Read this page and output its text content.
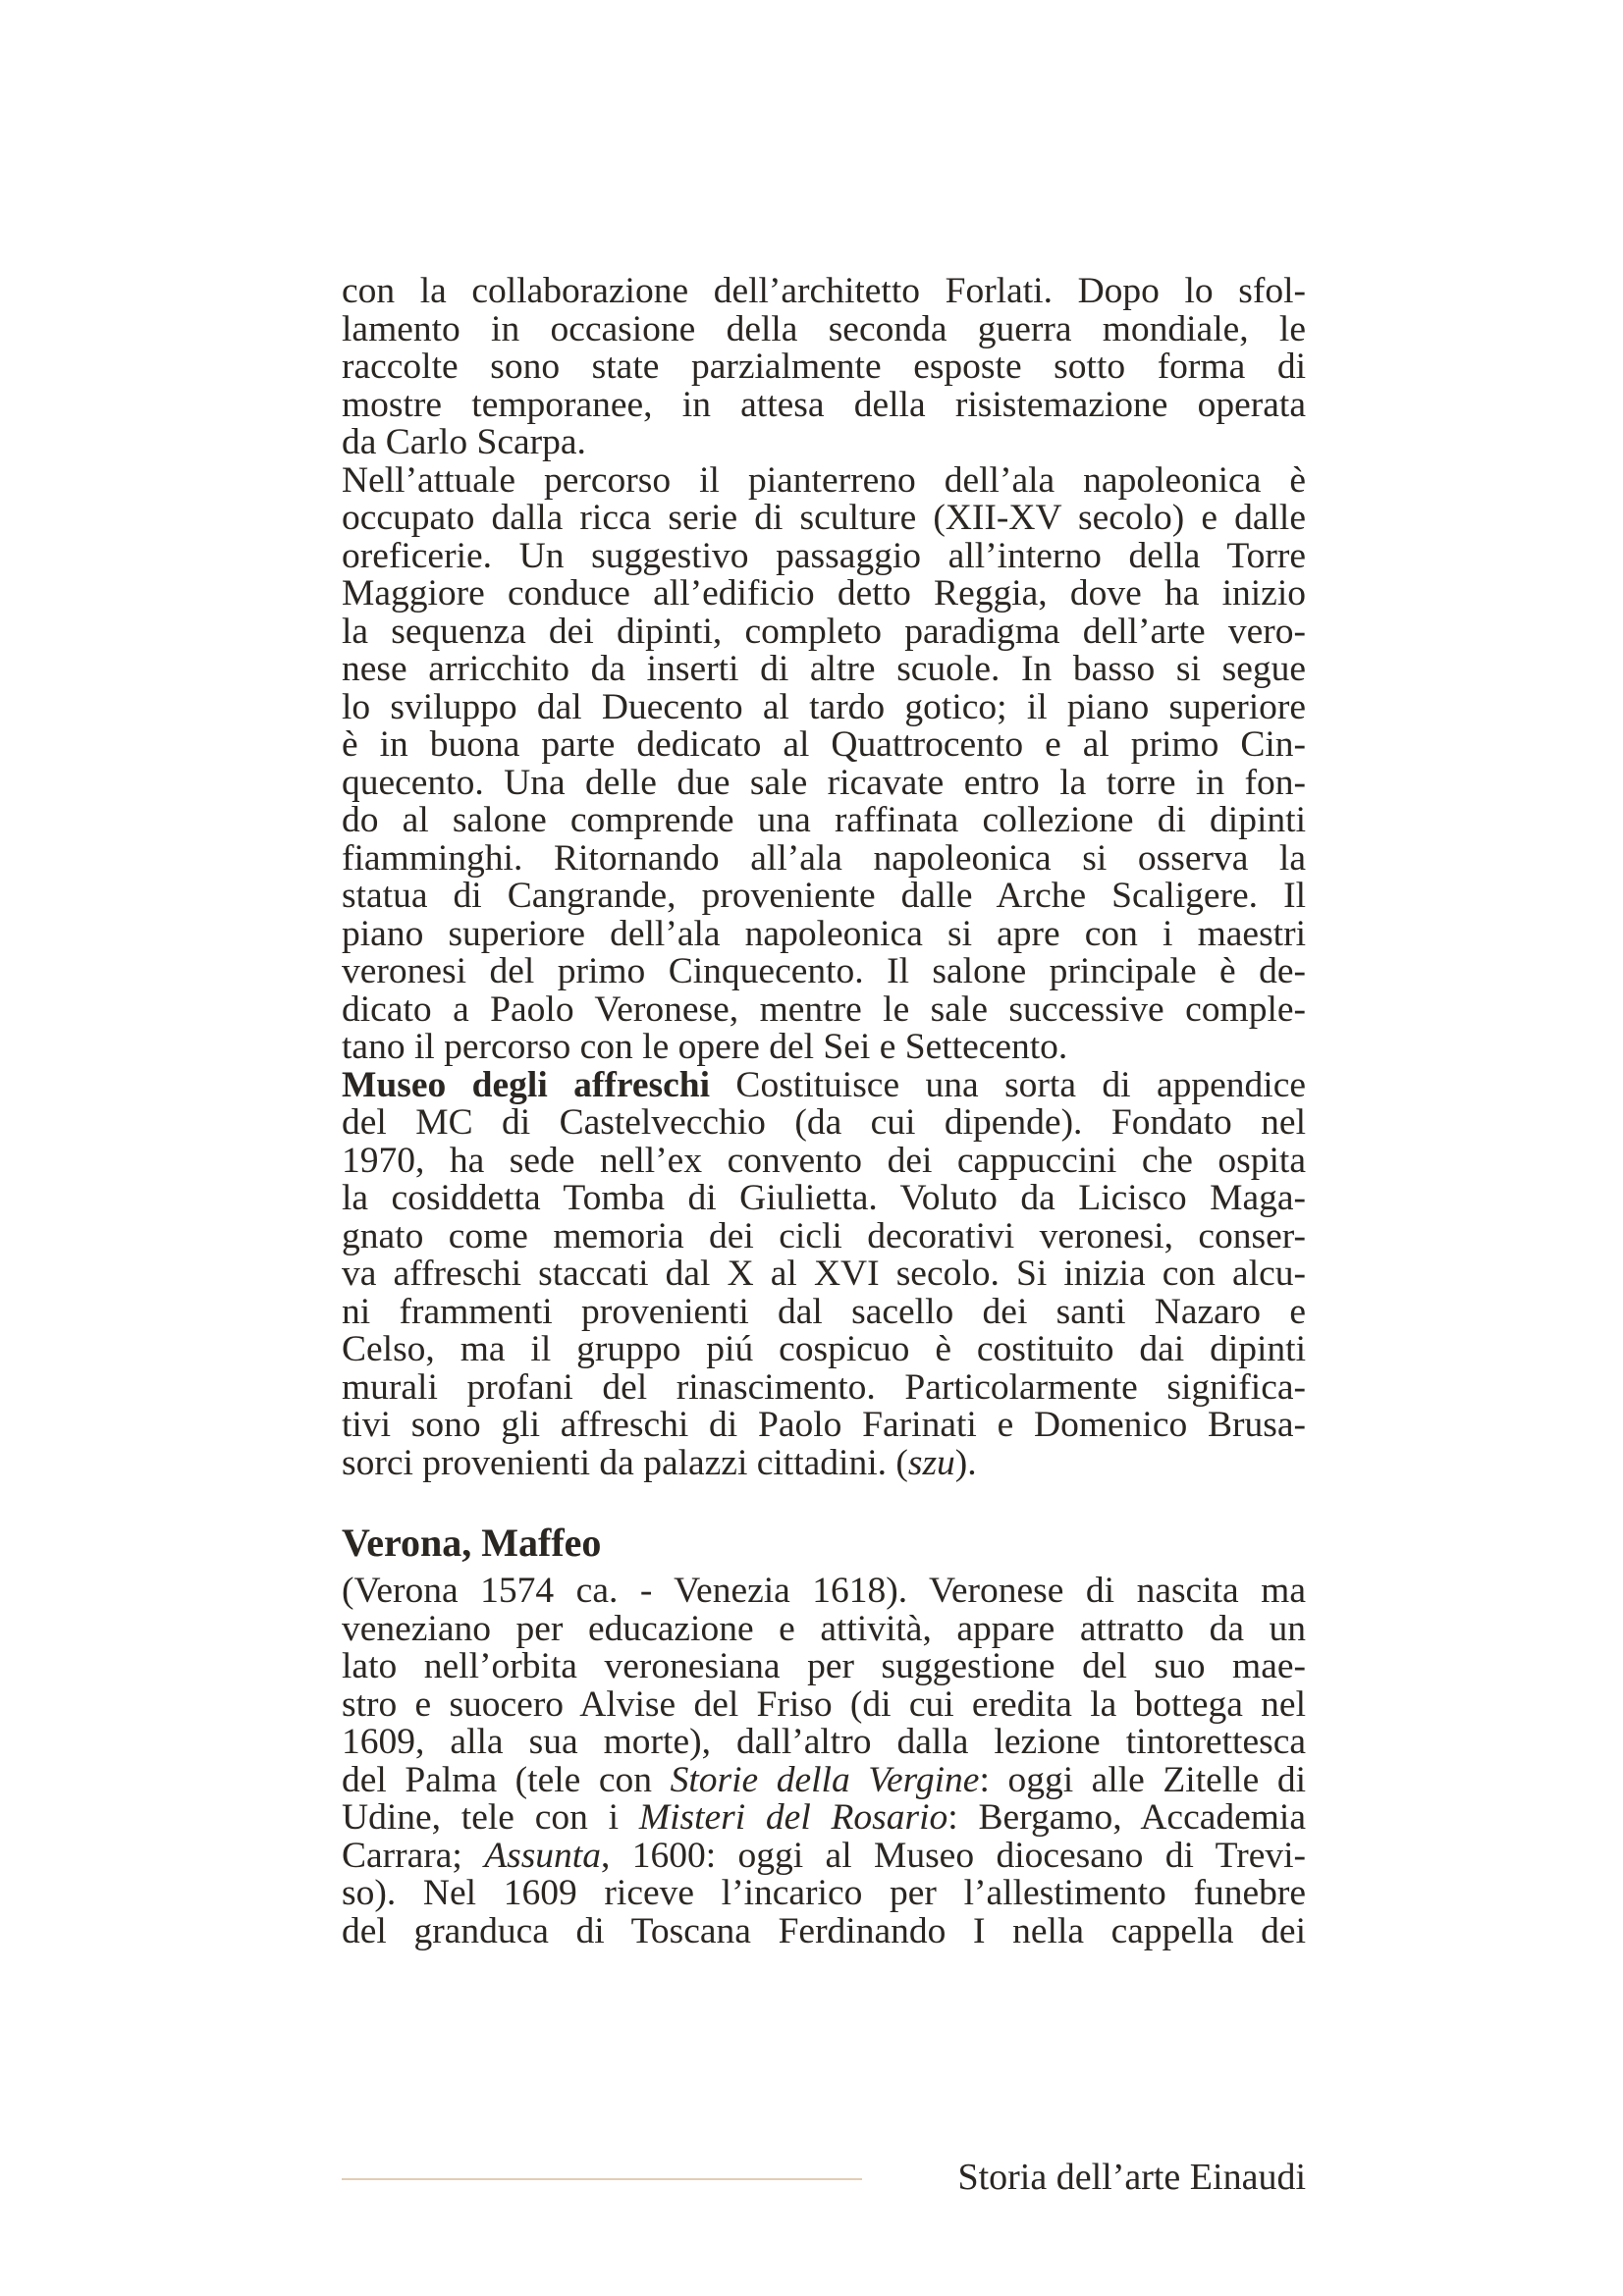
con la collaborazione dell’architetto Forlati. Dopo lo sfol-
lamento in occasione della seconda guerra mondiale, le
raccolte sono state parzialmente esposte sotto forma di
mostre temporanee, in attesa della risistemazione operata
da Carlo Scarpa.
Nell’attuale percorso il pianterreno dell’ala napoleonica è
occupato dalla ricca serie di sculture (XII-XV secolo) e dalle
oreficerie. Un suggestivo passaggio all’interno della Torre
Maggiore conduce all’edificio detto Reggia, dove ha inizio
la sequenza dei dipinti, completo paradigma dell’arte vero-
nese arricchito da inserti di altre scuole. In basso si segue
lo sviluppo dal Duecento al tardo gotico; il piano superiore
è in buona parte dedicato al Quattrocento e al primo Cin-
quecento. Una delle due sale ricavate entro la torre in fon-
do al salone comprende una raffinata collezione di dipinti
fiamminghi. Ritornando all’ala napoleonica si osserva la
statua di Cangrande, proveniente dalle Arche Scaligere. Il
piano superiore dell’ala napoleonica si apre con i maestri
veronesi del primo Cinquecento. Il salone principale è de-
dicato a Paolo Veronese, mentre le sale successive comple-
tano il percorso con le opere del Sei e Settecento.
Museo degli affreschi Costituisce una sorta di appendice
del MC di Castelvecchio (da cui dipende). Fondato nel
1970, ha sede nell’ex convento dei cappuccini che ospita
la cosiddetta Tomba di Giulietta. Voluto da Licisco Maga-
gnato come memoria dei cicli decorativi veronesi, conser-
va affreschi staccati dal X al XVI secolo. Si inizia con alcu-
ni frammenti provenienti dal sacello dei santi Nazaro e
Celso, ma il gruppo piú cospicuo è costituito dai dipinti
murali profani del rinascimento. Particolarmente significa-
tivi sono gli affreschi di Paolo Farinati e Domenico Brusa-
sorci provenienti da palazzi cittadini. (szu).
Verona, Maffeo
(Verona 1574 ca. - Venezia 1618). Veronese di nascita ma
veneziano per educazione e attività, appare attratto da un
lato nell’orbita veronesiana per suggestione del suo mae-
stro e suocero Alvise del Friso (di cui eredita la bottega nel
1609, alla sua morte), dall’altro dalla lezione tintorettesca
del Palma (tele con Storie della Vergine: oggi alle Zitelle di
Udine, tele con i Misteri del Rosario: Bergamo, Accademia
Carrara; Assunta, 1600: oggi al Museo diocesano di Trevi-
so). Nel 1609 riceve l’incarico per l’allestimento funebre
del granduca di Toscana Ferdinando I nella cappella dei
Storia dell’arte Einaudi
